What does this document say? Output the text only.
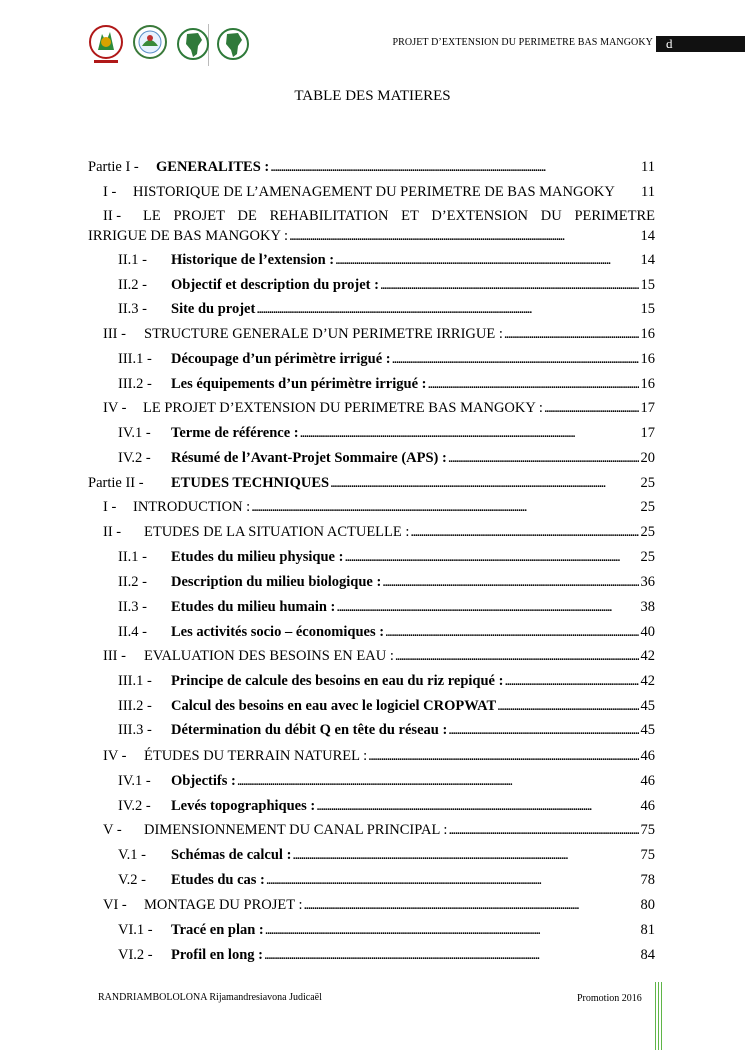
PROJET D’EXTENSION DU PERIMETRE BAS MANGOKY	d
TABLE DES MATIERES
Partie I -	GENERALITES : . . .	11
I -	HISTORIQUE DE L’AMENAGEMENT DU PERIMETRE DE BAS MANGOKY	11
II -	LE PROJET DE REHABILITATION ET D’EXTENSION DU PERIMETRE
IRRIGUE DE BAS MANGOKY : . . .	14
II.1 -	Historique de l’extension : . . .	14
II.2 -	Objectif et description du projet : . . .	15
II.3 -	Site du projet . . .	15
III -	STRUCTURE GENERALE D’UN PERIMETRE IRRIGUE : . . .	16
III.1 -	Découpage d’un périmètre irrigué : . . .	16
III.2 -	Les équipements d’un périmètre irrigué : . . .	16
IV -	LE PROJET D’EXTENSION DU PERIMETRE BAS MANGOKY : . . .	17
IV.1 -	Terme de référence : . . .	17
IV.2 -	Résumé de l’Avant-Projet Sommaire (APS) : . . .	20
Partie II -	ETUDES TECHNIQUES . . .	25
I -	INTRODUCTION : . . .	25
II -	ETUDES DE LA SITUATION ACTUELLE : . . .	25
II.1 -	Etudes du milieu physique : . . .	25
II.2 -	Description du milieu biologique : . . .	36
II.3 -	Etudes du milieu humain : . . .	38
II.4 -	Les activités socio – économiques : . . .	40
III -	EVALUATION DES BESOINS EN EAU : . . .	42
III.1 -	Principe de calcule des besoins en eau du riz repiqué : . . .	42
III.2 -	Calcul des besoins en eau avec le logiciel CROPWAT . . .	45
III.3 -	Détermination du débit Q en tête du réseau : . . .	45
IV -	ÉTUDES DU TERRAIN NATUREL : . . .	46
IV.1 -	Objectifs : . . .	46
IV.2 -	Levés topographiques : . . .	46
V -	DIMENSIONNEMENT DU CANAL PRINCIPAL : . . .	75
V.1 -	Schémas de calcul : . . .	75
V.2 -	Etudes du cas : . . .	78
VI -	MONTAGE DU PROJET : . . .	80
VI.1 -	Tracé en plan : . . .	81
VI.2 -	Profil en long : . . .	84
RANDRIAMBOLOLONA Rijamandresiavona Judicaël	Promotion 2016
